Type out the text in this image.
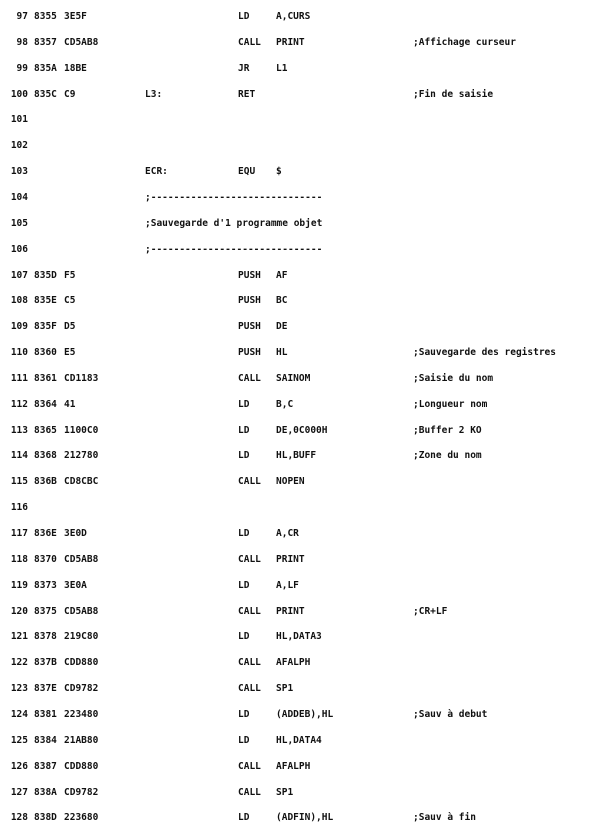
97 8355 3E5F	LD	A,CURS
98 8357 CD5AB8	CALL PRINT	;Affichage curseur
99 835A 18BE	JR	L1
100 835C C9	L3:	RET	;Fin de saisie
101
102
103	ECR:	EQU $
104	;------------------------------
105	;Sauvegarde d'1 programme objet
106	;------------------------------
107 835D F5	PUSH AF
108 835E C5	PUSH BC
109 835F D5	PUSH DE
110 8360 E5	PUSH HL	;Sauvegarde des registres
111 8361 CD1183	CALL SAINOM	;Saisie du nom
112 8364 41	LD	B,C	;Longueur nom
113 8365 1100C0	LD	DE,0C000H	;Buffer 2 KO
114 8368 212780	LD	HL,BUFF	;Zone du nom
115 836B CD8CBC	CALL NOPEN
116
117 836E 3E0D	LD	A,CR
118 8370 CD5AB8	CALL PRINT
119 8373 3E0A	LD	A,LF
120 8375 CD5AB8	CALL PRINT	;CR+LF
121 8378 219C80	LD	HL,DATA3
122 837B CDD880	CALL AFALPH
123 837E CD9782	CALL SP1
124 8381 223480	LD	(ADDEB),HL	;Sauv à debut
125 8384 21AB80	LD	HL,DATA4
126 8387 CDD880	CALL AFALPH
127 838A CD9782	CALL SP1
128 838D 223680	LD	(ADFIN),HL	;Sauv à fin
